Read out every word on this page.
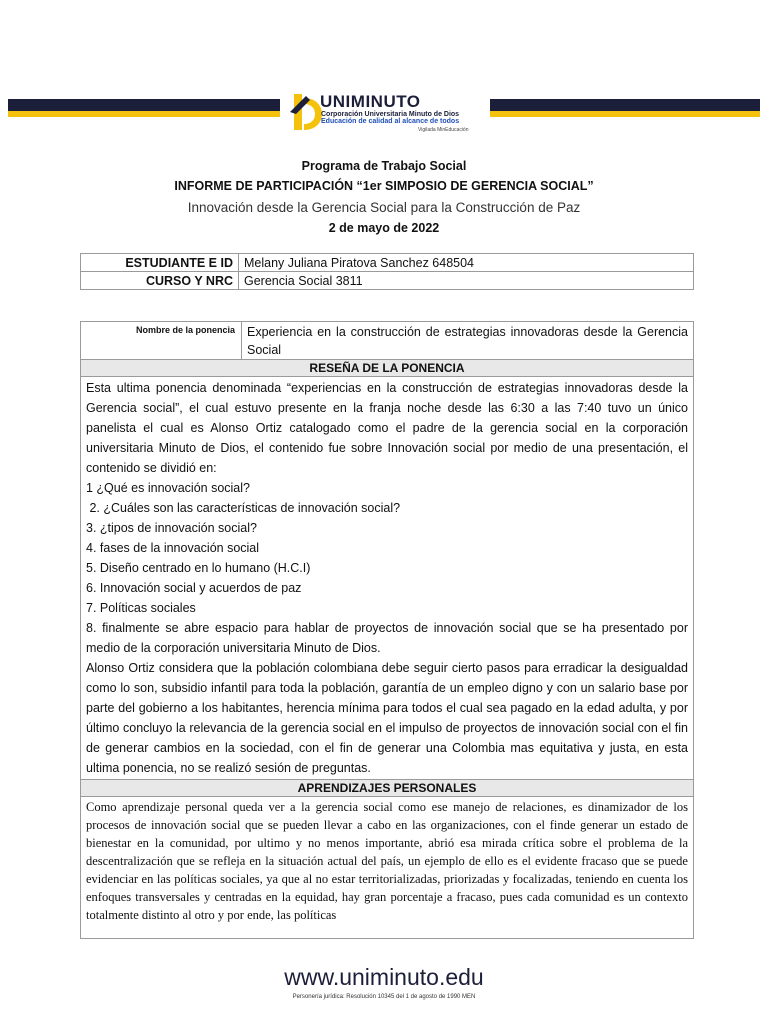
UNIMINUTO
Corporación Universitaria Minuto de Dios
Educación de calidad al alcance de todos
Vigilada MinEducación
Programa de Trabajo Social
INFORME DE PARTICIPACIÓN “1er SIMPOSIO DE GERENCIA SOCIAL”
Innovación desde la Gerencia Social para la Construcción de Paz
2 de mayo de 2022
ESTUDIANTE E ID	Melany Juliana Piratova Sanchez 648504
CURSO Y NRC	Gerencia Social 3811
Nombre de la ponencia	Experiencia en la construcción de estrategias innovadoras desde la Gerencia Social
RESEÑA DE LA PONENCIA

Esta ultima ponencia denominada “experiencias en la construcción de estrategias innovadoras desde la Gerencia social”, el cual estuvo presente en la franja noche desde las 6:30 a las 7:40 tuvo un único panelista el cual es Alonso Ortiz catalogado como el padre de la gerencia social en la corporación universitaria Minuto de Dios, el contenido fue sobre Innovación social por medio de una presentación, el contenido se dividió en:

1 ¿Qué es innovación social?

2. ¿Cuáles son las características de innovación social?

3. ¿tipos de innovación social?

4. fases de la innovación social

5. Diseño centrado en lo humano (H.C.I)

6. Innovación social y acuerdos de paz

7. Políticas sociales

8. finalmente se abre espacio para hablar de proyectos de innovación social que se ha presentado por medio de la corporación universitaria Minuto de Dios.

Alonso Ortiz considera que la población colombiana debe seguir cierto pasos para erradicar la desigualdad como lo son, subsidio infantil para toda la población, garantía de un empleo digno y con un salario base por parte del gobierno a los habitantes, herencia mínima para todos el cual sea pagado en la edad adulta, y por último concluyo la relevancia de la gerencia social en el impulso de proyectos de innovación social con el fin de generar cambios en la sociedad, con el fin de generar una Colombia mas equitativa y justa, en esta ultima ponencia, no se realizó sesión de preguntas.

APRENDIZAJES PERSONALES

Como aprendizaje personal queda ver a la gerencia social como ese manejo de relaciones, es dinamizador de los procesos de innovación social que se pueden llevar a cabo en las organizaciones, con el finde generar un estado de bienestar en la comunidad, por ultimo y no menos importante, abrió esa mirada crítica sobre el problema de la descentralización que se refleja en la situación actual del país, un ejemplo de ello es el evidente fracaso que se puede evidenciar en las políticas sociales, ya que al no estar territorializadas, priorizadas y focalizadas, teniendo en cuenta los enfoques transversales y centradas en la equidad, hay gran porcentaje a fracaso, pues cada comunidad es un contexto totalmente distinto al otro y por ende, las políticas
www.uniminuto.edu
Personería jurídica: Resolución 10345 del 1 de agosto de 1990 MEN
